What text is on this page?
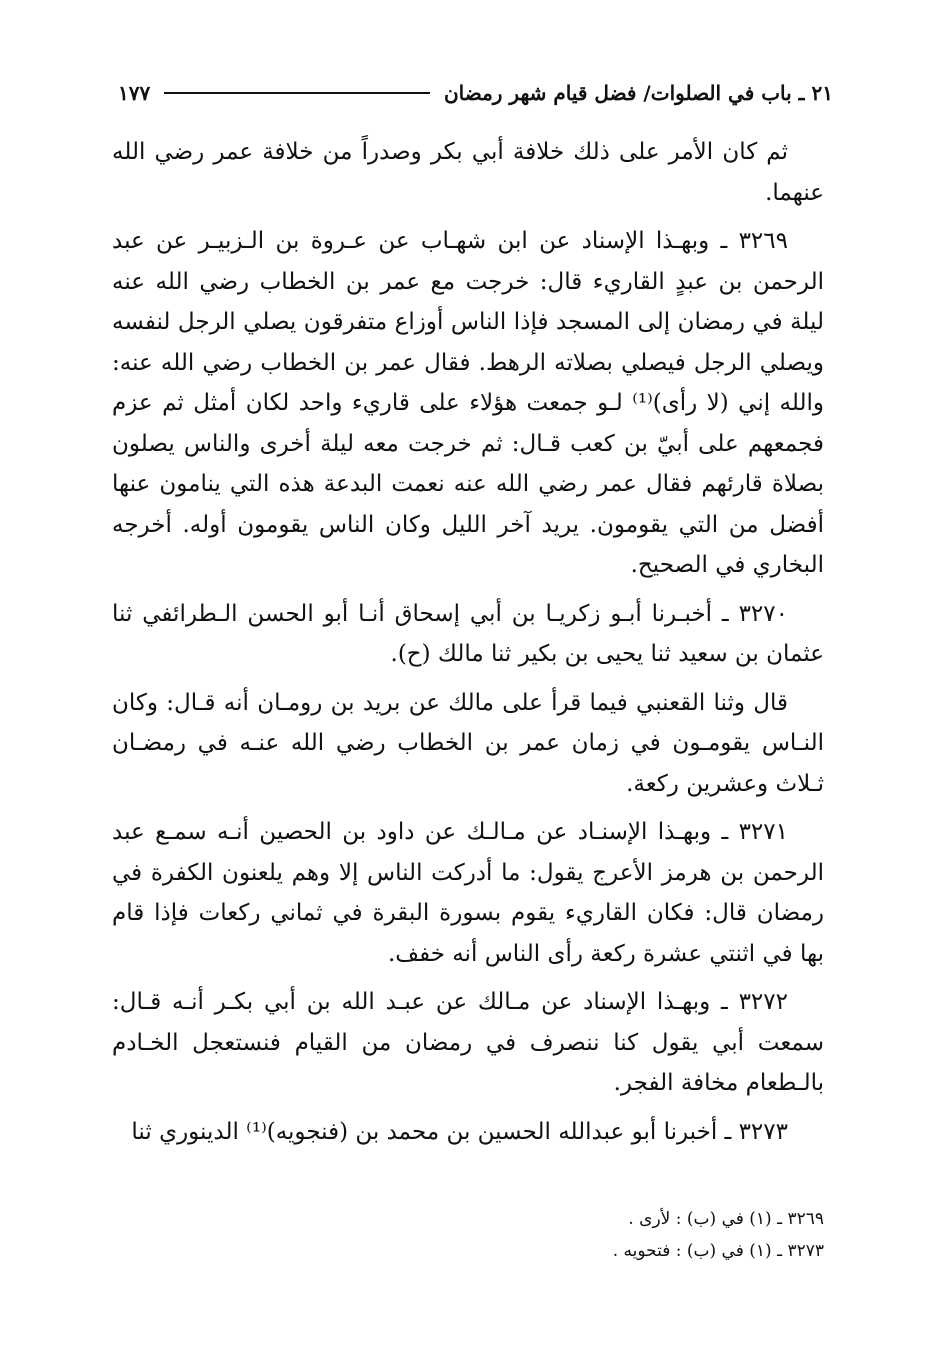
٢١ ـ باب في الصلوات/ فضل قيام شهر رمضان
١٧٧

ثم كان الأمر على ذلك خلافة أبي بكر وصدراً من خلافة عمر رضي الله عنهما.

٣٢٦٩ ـ وبهـذا الإسناد عن ابن شهـاب عن عـروة بن الـزبيـر عن عبد الرحمن بن عبدٍ القاريء قال: خرجت مع عمر بن الخطاب رضي الله عنه ليلة في رمضان إلى المسجد فإذا الناس أوزاع متفرقون يصلي الرجل لنفسه ويصلي الرجل فيصلي بصلاته الرهط. فقال عمر بن الخطاب رضي الله عنه: والله إني (لا رأى)⁽¹⁾ لـو جمعت هؤلاء على قاريء واحد لكان أمثل ثم عزم فجمعهم على أبيّ بن كعب قـال: ثم خرجت معه ليلة أخرى والناس يصلون بصلاة قارئهم فقال عمر رضي الله عنه نعمت البدعة هذه التي ينامون عنها أفضل من التي يقومون. يريد آخر الليل وكان الناس يقومون أوله. أخرجه البخاري في الصحيح.

٣٢٧٠ ـ أخبـرنا أبـو زكريـا بن أبي إسحاق أنـا أبو الحسن الـطرائفي ثنا عثمان بن سعيد ثنا يحيى بن بكير ثنا مالك (ح).

قال وثنا القعنبي فيما قرأ على مالك عن بريد بن رومـان أنه قـال: وكان النـاس يقومـون في زمان عمر بن الخطاب رضي الله عنـه في رمضـان ثـلاث وعشرين ركعة.

٣٢٧١ ـ وبهـذا الإسنـاد عن مـالـك عن داود بن الحصين أنـه سمـع عبد الرحمن بن هرمز الأعرج يقول: ما أدركت الناس إلا وهم يلعنون الكفرة في رمضان قال: فكان القاريء يقوم بسورة البقرة في ثماني ركعات فإذا قام بها في اثنتي عشرة ركعة رأى الناس أنه خفف.

٣٢٧٢ ـ وبهـذا الإسناد عن مـالك عن عبـد الله بن أبي بكـر أنـه قـال: سمعت أبي يقول كنا ننصرف في رمضان من القيام فنستعجل الخـادم بالـطعام مخافة الفجر.

٣٢٧٣ ـ أخبرنا أبو عبدالله الحسين بن محمد بن (فنجويه)⁽¹⁾ الدينوري ثنا

٣٢٦٩ ـ (١) في (ب) : لأرى .

٣٢٧٣ ـ (١) في (ب) : فتحويه .
